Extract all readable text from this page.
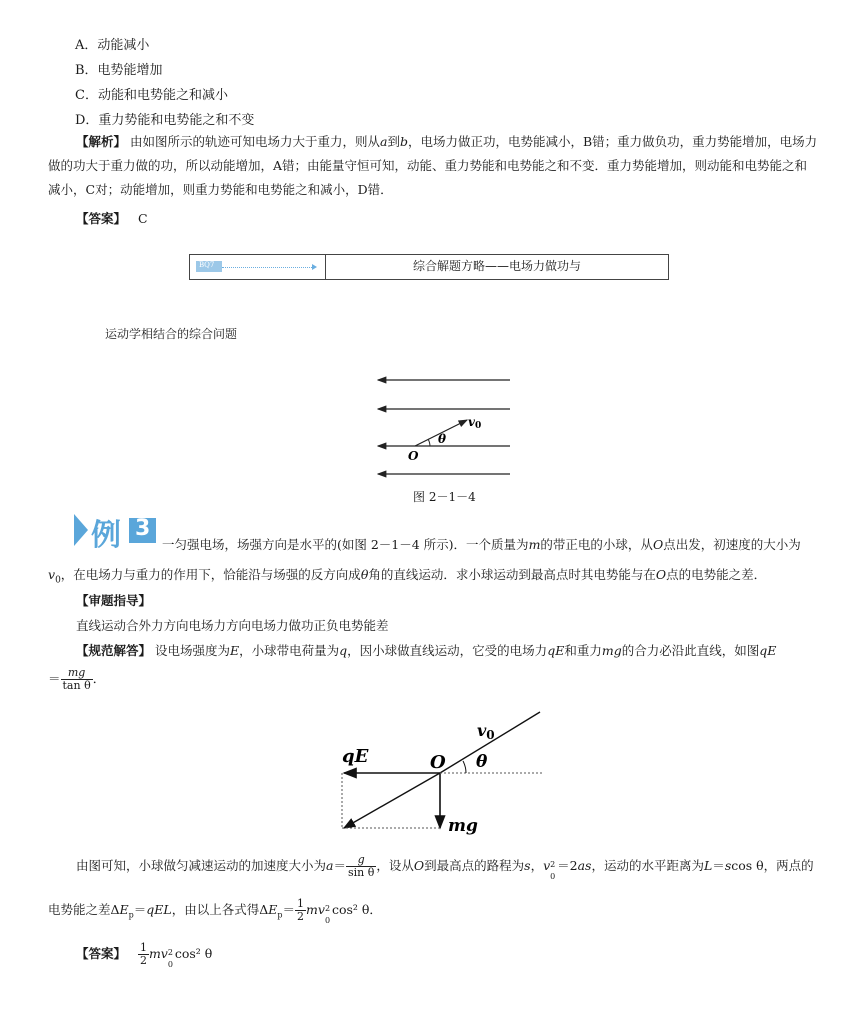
A．动能减小
B．电势能增加
C．动能和电势能之和减小
D．重力势能和电势能之和不变
【解析】 由如图所示的轨迹可知电场力大于重力，则从a到b，电场力做正功，电势能减小，B错；重力做负功，重力势能增加，电场力做的功大于重力做的功，所以动能增加，A错；由能量守恒可知，动能、重力势能和电势能之和不变．重力势能增加，则动能和电势能之和减小，C对；动能增加，则重力势能和电势能之和减小，D错．
【答案】 C
BQ7	综合解题方略——电场力做功与
运动学相结合的综合问题
v0
θ
O
图 2－1－4
例 3
一匀强电场，场强方向是水平的(如图 2－1－4 所示)．一个质量为m的带正电的小球，从O点出发，初速度的大小为$v_0$，在电场力与重力的作用下，恰能沿与场强的反方向成θ角的直线运动．求小球运动到最高点时其电势能与在O点的电势能之差．
【审题指导】
直线运动合外力方向电场力方向电场力做功正负电势能差
【规范解答】 设电场强度为E，小球带电荷量为q，因小球做直线运动，它受的电场力qE和重力mg的合力必沿此直线，如图qE
＝ $\frac{mg}{\text{tan θ}}$ ．
qE	O
v0
θ
mg
由图可知，小球做匀减速运动的加速度大小为$a= \frac{g}{\text{sin θ}}$ ，设从O到最高点的路程为s，v 2
0
＝2as，运动的水平距离为L＝scos θ，两点的
电势能之差$\Delta E_p=qEL$，由以上各式得$\Delta E_p= \frac{1}{2}$ mv 2
0
cos² θ．
【答案】 $\frac{1}{2}$ mv 2
0
cos² θ
